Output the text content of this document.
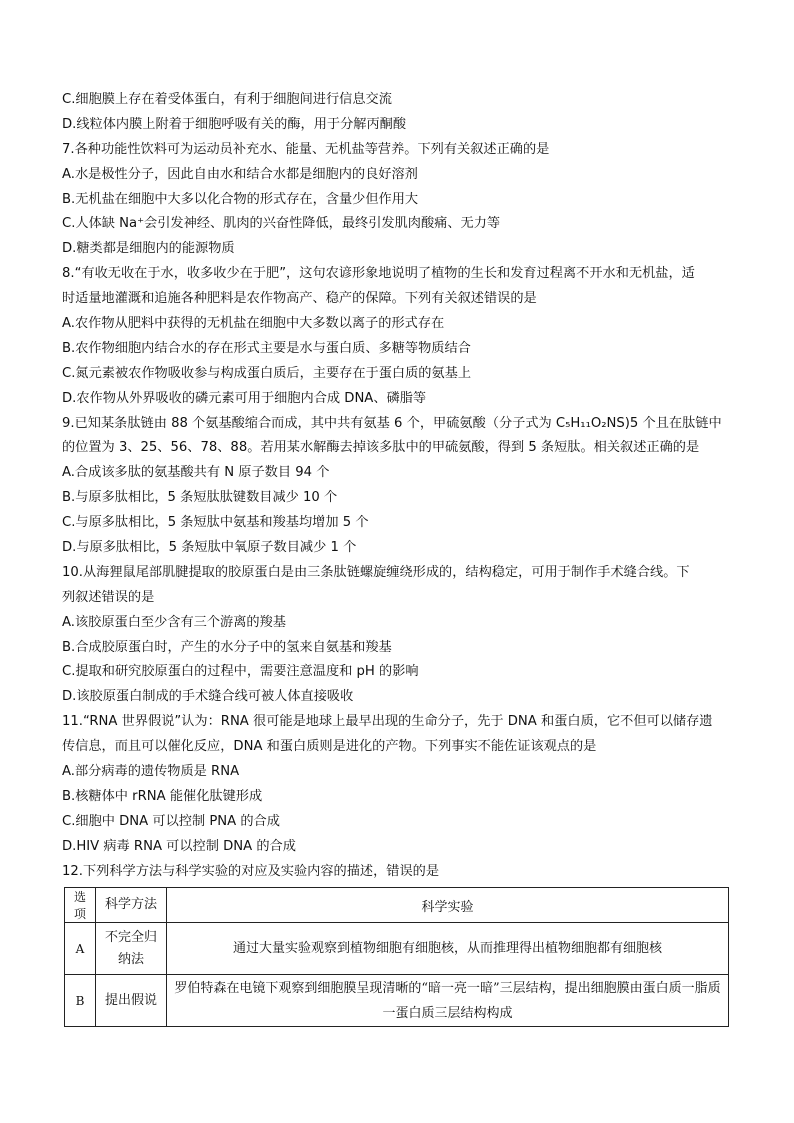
C.细胞膜上存在着受体蛋白，有利于细胞间进行信息交流
D.线粒体内膜上附着于细胞呼吸有关的酶，用于分解丙酮酸
7.各种功能性饮料可为运动员补充水、能量、无机盐等营养。下列有关叙述正确的是
A.水是极性分子，因此自由水和结合水都是细胞内的良好溶剂
B.无机盐在细胞中大多以化合物的形式存在，含量少但作用大
C.人体缺 Na⁺会引发神经、肌肉的兴奋性降低，最终引发肌肉酸痛、无力等
D.糖类都是细胞内的能源物质
8.“有收无收在于水，收多收少在于肥”，这句农谚形象地说明了植物的生长和发育过程离不开水和无机盐，适
时适量地灌溉和追施各种肥料是农作物高产、稳产的保障。下列有关叙述错误的是
A.农作物从肥料中获得的无机盐在细胞中大多数以离子的形式存在
B.农作物细胞内结合水的存在形式主要是水与蛋白质、多糖等物质结合
C.氮元素被农作物吸收参与构成蛋白质后，主要存在于蛋白质的氨基上
D.农作物从外界吸收的磷元素可用于细胞内合成 DNA、磷脂等
9.已知某条肽链由 88 个氨基酸缩合而成，其中共有氨基 6 个，甲硫氨酸（分子式为 C₅H₁₁O₂NS)5 个且在肽链中
的位置为 3、25、56、78、88。若用某水解酶去掉该多肽中的甲硫氨酸，得到 5 条短肽。相关叙述正确的是
A.合成该多肽的氨基酸共有 N 原子数目 94 个
B.与原多肽相比，5 条短肽肽键数目减少 10 个
C.与原多肽相比，5 条短肽中氨基和羧基均增加 5 个
D.与原多肽相比，5 条短肽中氧原子数目减少 1 个
10.从海狸鼠尾部肌腱提取的胶原蛋白是由三条肽链螺旋缠绕形成的，结构稳定，可用于制作手术缝合线。下
列叙述错误的是
A.该胶原蛋白至少含有三个游离的羧基
B.合成胶原蛋白时，产生的水分子中的氢来自氨基和羧基
C.提取和研究胶原蛋白的过程中，需要注意温度和 pH 的影响
D.该胶原蛋白制成的手术缝合线可被人体直接吸收
11.“RNA 世界假说”认为：RNA 很可能是地球上最早出现的生命分子，先于 DNA 和蛋白质，它不但可以储存遗
传信息，而且可以催化反应，DNA 和蛋白质则是进化的产物。下列事实不能佐证该观点的是
A.部分病毒的遗传物质是 RNA
B.核糖体中 rRNA 能催化肽键形成
C.细胞中 DNA 可以控制 PNA 的合成
D.HIV 病毒 RNA 可以控制 DNA 的合成
12.下列科学方法与科学实验的对应及实验内容的描述，错误的是
选项	科学方法	科学实验
A	不完全归纳法	通过大量实验观察到植物细胞有细胞核，从而推理得出植物细胞都有细胞核
B	提出假说	罗伯特森在电镜下观察到细胞膜呈现清晰的“暗一亮一暗”三层结构，提出细胞膜由蛋白质一脂质一蛋白质三层结构构成
